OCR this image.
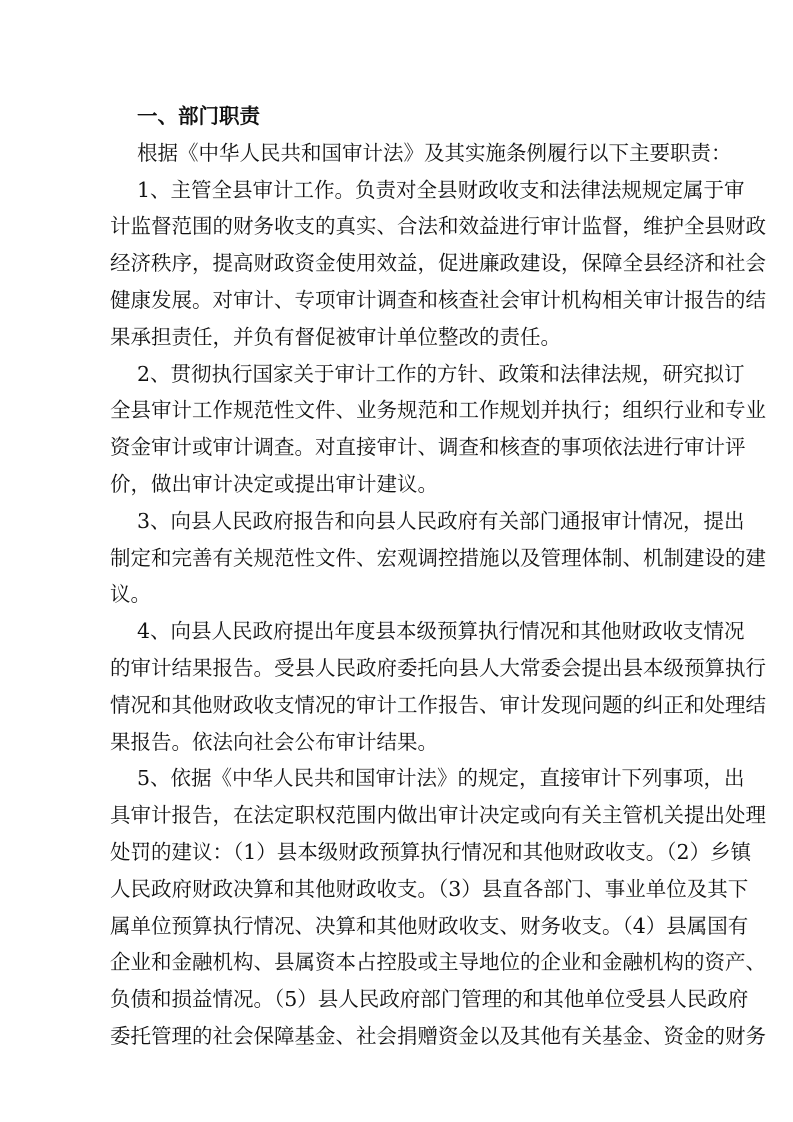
一、部门职责
根据《中华人民共和国审计法》及其实施条例履行以下主要职责：
1、主管全县审计工作。负责对全县财政收支和法律法规规定属于审
计监督范围的财务收支的真实、合法和效益进行审计监督，维护全县财政
经济秩序，提高财政资金使用效益，促进廉政建设，保障全县经济和社会
健康发展。对审计、专项审计调查和核查社会审计机构相关审计报告的结
果承担责任，并负有督促被审计单位整改的责任。
2、贯彻执行国家关于审计工作的方针、政策和法律法规，研究拟订
全县审计工作规范性文件、业务规范和工作规划并执行；组织行业和专业
资金审计或审计调查。对直接审计、调查和核查的事项依法进行审计评
价，做出审计决定或提出审计建议。
3、向县人民政府报告和向县人民政府有关部门通报审计情况，提出
制定和完善有关规范性文件、宏观调控措施以及管理体制、机制建设的建
议。
4、向县人民政府提出年度县本级预算执行情况和其他财政收支情况
的审计结果报告。受县人民政府委托向县人大常委会提出县本级预算执行
情况和其他财政收支情况的审计工作报告、审计发现问题的纠正和处理结
果报告。依法向社会公布审计结果。
5、依据《中华人民共和国审计法》的规定，直接审计下列事项，出
具审计报告，在法定职权范围内做出审计决定或向有关主管机关提出处理
处罚的建议：（1）县本级财政预算执行情况和其他财政收支。（2）乡镇
人民政府财政决算和其他财政收支。（3）县直各部门、事业单位及其下
属单位预算执行情况、决算和其他财政收支、财务收支。（4）县属国有
企业和金融机构、县属资本占控股或主导地位的企业和金融机构的资产、
负债和损益情况。（5）县人民政府部门管理的和其他单位受县人民政府
委托管理的社会保障基金、社会捐赠资金以及其他有关基金、资金的财务
